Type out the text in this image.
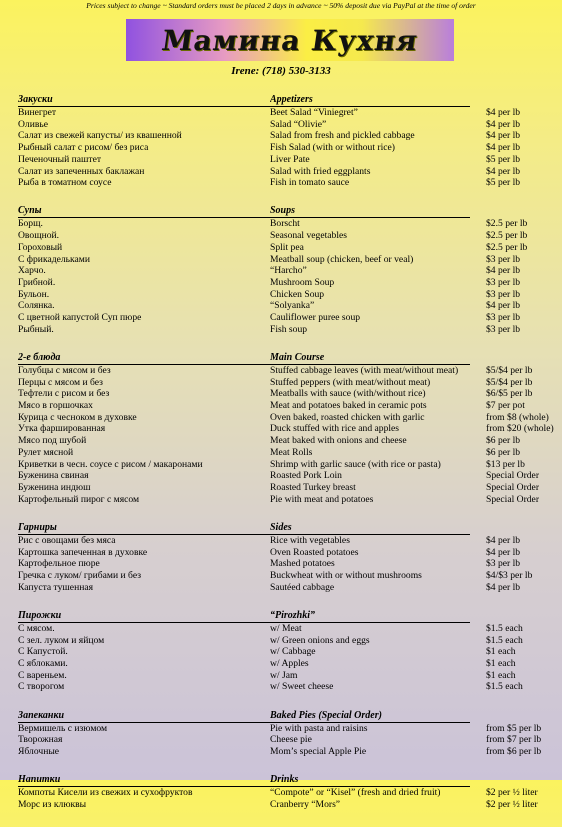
Prices subject to change ~ Standard orders must be placed 2 days in advance ~ 50% deposit due via PayPal at the time of order
Мамина Кухня
Irene: (718) 530-3133
Закуски	Appetizers
Винегрет	Beet Salad “Viniegret”	$4 per lb
Оливье	Salad “Olivie”	$4 per lb
Салат из свежей капусты/ из квашенной	Salad from fresh and pickled cabbage	$4 per lb
Рыбный салат с рисом/ без риса	Fish Salad (with or without rice)	$4 per lb
Печеночный паштет	Liver Pate	$5 per lb
Салат из запеченных баклажан	Salad with fried eggplants	$4 per lb
Рыба в томатном соусе	Fish in tomato sauce	$5 per lb
Супы	Soups
Борщ.	Borscht	$2.5 per lb
Овощной.	Seasonal vegetables	$2.5 per lb
Гороховый	Split pea	$2.5 per lb
С фрикадельками	Meatball soup (chicken, beef or veal)	$3 per lb
Харчо.	“Harcho”	$4 per lb
Грибной.	Mushroom Soup	$3 per lb
Бульон.	Chicken Soup	$3 per lb
Солянка.	“Solyanka”	$4 per lb
С цветной капустой Суп пюре	Cauliflower puree soup	$3 per lb
Рыбный.	Fish soup	$3 per lb
2-е блюда	Main Course
Голубцы с мясом и без	Stuffed cabbage leaves (with meat/without meat)	$5/$4 per lb
Перцы с мясом и без	Stuffed peppers (with meat/without meat)	$5/$4 per lb
Тефтели с рисом и без	Meatballs with sauce (with/without rice)	$6/$5 per lb
Мясо в горшочках	Meat and potatoes baked in ceramic pots	$7 per pot
Курица с чесноком в духовке	Oven baked, roasted chicken with garlic	from $8 (whole)
Утка фаршированная	Duck stuffed with rice and apples	from $20 (whole)
Мясо под шубой	Meat baked with onions and cheese	$6 per lb
Рулет мясной	Meat Rolls	$6 per lb
Криветки в чесн. соусе с рисом / макаронами	Shrimp with garlic sauce (with rice or pasta)	$13 per lb
Буженина свиная	Roasted Pork Loin	Special Order
Буженина индюш	Roasted Turkey breast	Special Order
Картофельный пирог с мясом	Pie with meat and potatoes	Special Order
Гарниры	Sides
Рис с овощами без мяса	Rice with vegetables	$4 per lb
Картошка запеченная в духовке	Oven Roasted potatoes	$4 per lb
Картофельное пюре	Mashed potatoes	$3 per lb
Гречка с луком/ грибами и без	Buckwheat with or without mushrooms	$4/$3 per lb
Капуста тушенная	Sautéed cabbage	$4 per lb
Пирожки	“Pirozhki”
С мясом.	w/ Meat	$1.5 each
С зел. луком и яйцом	w/ Green onions and eggs	$1.5 each
С Капустой.	w/ Cabbage	$1 each
С яблоками.	w/ Apples	$1 each
С вареньем.	w/ Jam	$1 each
С творогом	w/ Sweet cheese	$1.5 each
Запеканки	Baked Pies (Special Order)
Вермишель с изюмом	Pie with pasta and raisins	from $5 per lb
Творожная	Cheese pie	from $7 per lb
Яблочные	Mom’s special Apple Pie	from $6 per lb
Напитки	Drinks
Компоты Кисели из свежих и сухофруктов	“Compote” or “Kisel” (fresh and dried fruit)	$2 per ½ liter
Морс из клюквы	Cranberry “Mors”	$2 per ½ liter
